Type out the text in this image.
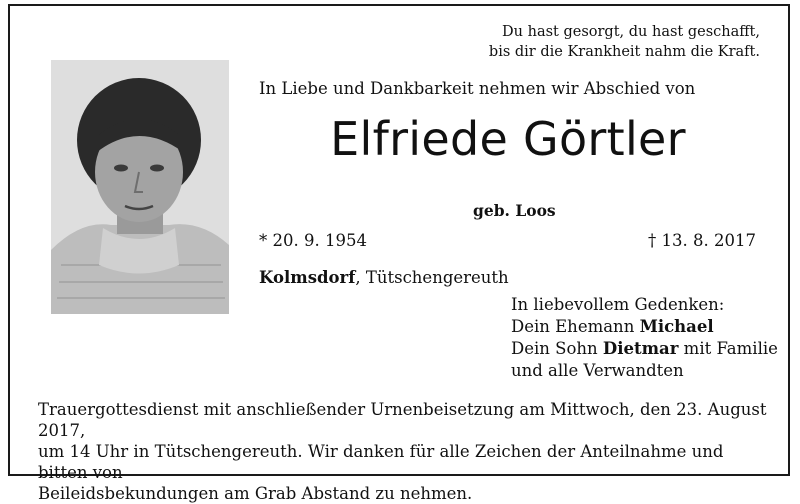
Du hast gesorgt, du hast geschafft,
bis dir die Krankheit nahm die Kraft.
In Liebe und Dankbarkeit nehmen wir Abschied von
Elfriede Görtler
geb. Loos
* 20. 9. 1954	† 13. 8. 2017
Kolmsdorf, Tütschengereuth
In liebevollem Gedenken:
Dein Ehemann Michael
Dein Sohn Dietmar mit Familie
und alle Verwandten
Trauergottesdienst mit anschließender Urnenbeisetzung am Mittwoch, den 23. August 2017,
um 14 Uhr in Tütschengereuth. Wir danken für alle Zeichen der Anteilnahme und bitten von
Beileidsbekundungen am Grab Abstand zu nehmen.
